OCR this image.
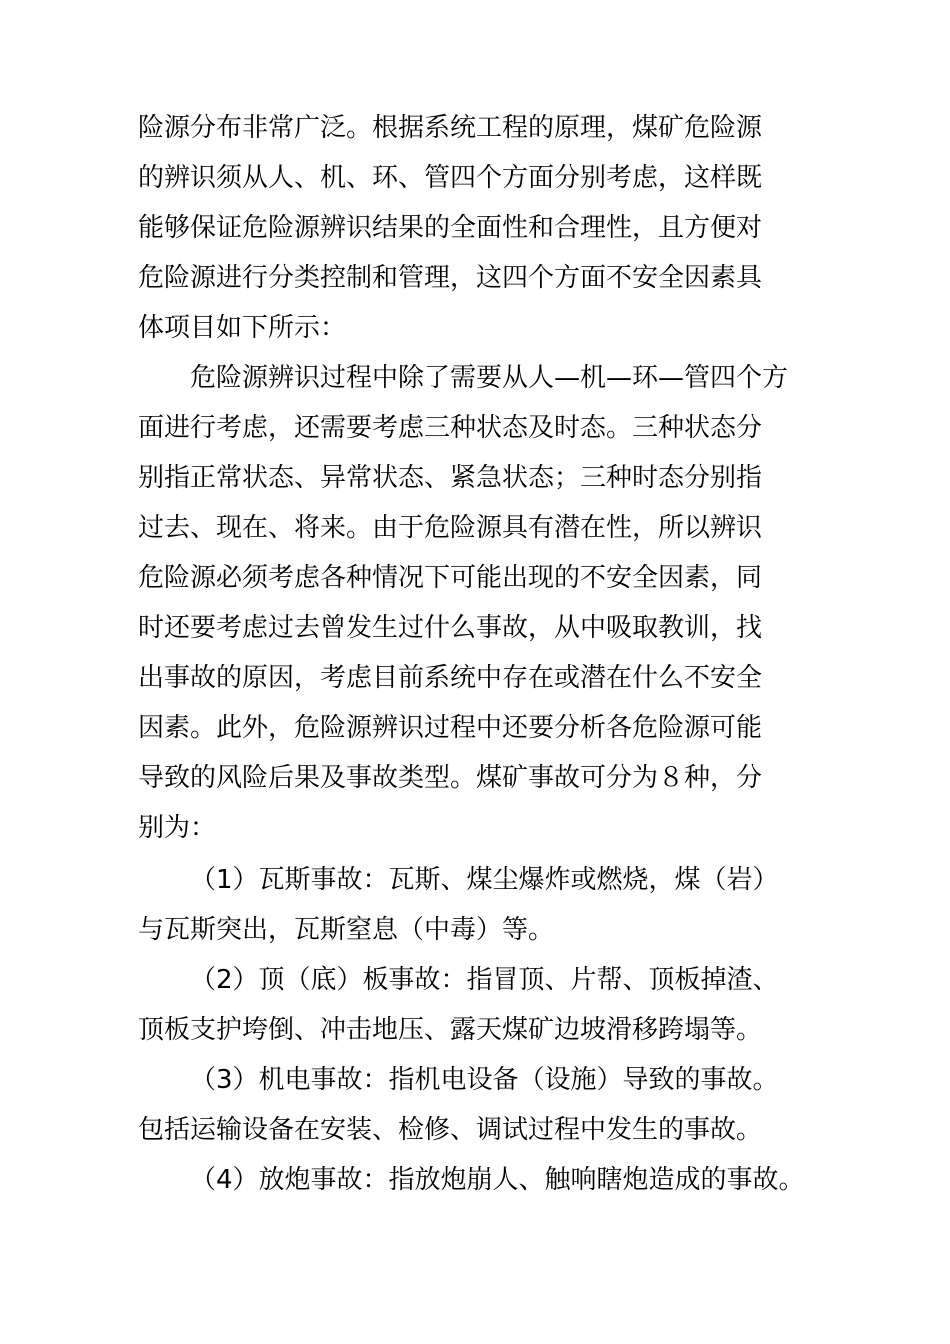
险源分布非常广泛。根据系统工程的原理，煤矿危险源

的辨识须从人、机、环、管四个方面分别考虑，这样既

能够保证危险源辨识结果的全面性和合理性，且方便对

危险源进行分类控制和管理，这四个方面不安全因素具

体项目如下所示：

危险源辨识过程中除了需要从人—机—环—管四个方

面进行考虑，还需要考虑三种状态及时态。三种状态分

别指正常状态、异常状态、紧急状态；三种时态分别指

过去、现在、将来。由于危险源具有潜在性，所以辨识

危险源必须考虑各种情况下可能出现的不安全因素，同

时还要考虑过去曾发生过什么事故，从中吸取教训，找

出事故的原因，考虑目前系统中存在或潜在什么不安全

因素。此外，危险源辨识过程中还要分析各危险源可能

导致的风险后果及事故类型。煤矿事故可分为８种，分

别为：

（1）瓦斯事故：瓦斯、煤尘爆炸或燃烧，煤（岩）

与瓦斯突出，瓦斯窒息（中毒）等。

（2）顶（底）板事故：指冒顶、片帮、顶板掉渣、

顶板支护垮倒、冲击地压、露天煤矿边坡滑移跨塌等。

（3）机电事故：指机电设备（设施）导致的事故。

包括运输设备在安装、检修、调试过程中发生的事故。

（4）放炮事故：指放炮崩人、触响瞎炮造成的事故。
